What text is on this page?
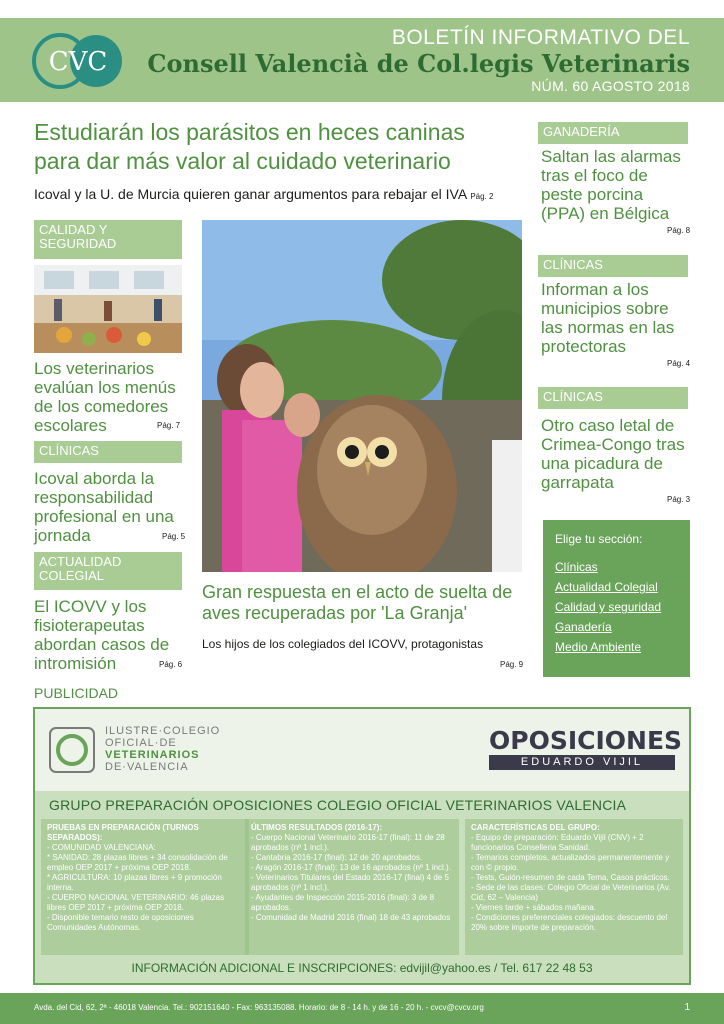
CVC
BOLETÍN INFORMATIVO DEL
Consell Valencià de Col.legis Veterinaris
NÚM. 60 AGOSTO 2018
Estudiarán los parásitos en heces caninas para dar más valor al cuidado veterinario
Icoval y la U. de Murcia quieren ganar argumentos para rebajar el IVA Pág. 2
CALIDAD Y SEGURIDAD
Los veterinarios evalúan los menús de los comedores escolares	Pág. 7
CLÍNICAS
Icoval aborda la responsabilidad profesional en una jornada	Pág. 5
ACTUALIDAD COLEGIAL
El ICOVV y los fisioterapeutas abordan casos de intromisión	Pág. 6
Gran respuesta en el acto de suelta de aves recuperadas por 'La Granja'
Los hijos de los colegiados del ICOVV, protagonistas
Pág. 9
GANADERÍA
Saltan las alarmas tras el foco de peste porcina (PPA) en Bélgica
Pág. 8
CLÍNICAS
Informan a los municipios sobre las normas en las protectoras
Pág. 4
CLÍNICAS
Otro caso letal de Crimea-Congo tras una picadura de garrapata
Pág. 3
Elige tu sección:
Clínicas
Actualidad Colegial
Calidad y seguridad
Ganadería
Medio Ambiente
PUBLICIDAD
ILUSTRE·COLEGIO
OFICIAL·DE
VETERINARIOS
DE·VALENCIA
OPOSICIONES
EDUARDO VIJIL
GRUPO PREPARACIÓN OPOSICIONES COLEGIO OFICIAL VETERINARIOS VALENCIA
PRUEBAS EN PREPARACIÓN (TURNOS SEPARADOS):
- COMUNIDAD VALENCIANA:
* SANIDAD: 28 plazas libres + 34 consolidación de empleo OEP 2017 + próxima OEP 2018.
* AGRICULTURA: 10 plazas libres + 9 promoción interna.
- CUERPO NACIONAL VETERINARIO: 46 plazas libres OEP 2017 + próxima OEP 2018.
- Disponible temario resto de oposiciones Comunidades Autónomas.
ÚLTIMOS RESULTADOS (2016-17):
- Cuerpo Nacional Veterinario 2016-17 (final): 11 de 28 aprobados (nº 1 incl.).
- Cantabria 2016-17 (final): 12 de 20 aprobados.
- Aragón 2016-17 (final): 13 de 16 aprobados (nº 1 incl.).
- Veterinarios Titulares del Estado 2016-17 (final) 4 de 5 aprobados (nº 1 incl.).
- Ayudantes de Inspección 2015-2016 (final): 3 de 8 aprobados.
- Comunidad de Madrid 2016 (final) 18 de 43 aprobados
CARACTERÍSTICAS DEL GRUPO:
- Equipo de preparación: Eduardo Vijil (CNV) + 2 funcionarios Conselleria Sanidad.
- Temarios completos, actualizados permanentemente y con © propio.
- Tests, Guión-resumen de cada Tema, Casos prácticos.
- Sede de las clases: Colegio Oficial de Veterinarios (Av. Cid, 62 – Valencia)
- Viernes tarde + sábados mañana.
- Condiciones preferenciales colegiados: descuento del 20% sobre importe de preparación.
INFORMACIÓN ADICIONAL E INSCRIPCIONES: edvijil@yahoo.es / Tel. 617 22 48 53
Avda. del Cid, 62, 2ª - 46018 Valencia. Tel.: 902151640 - Fax: 963135088. Horario: de 8 - 14 h. y de 16 - 20 h. - cvcv@cvcv.org	1
